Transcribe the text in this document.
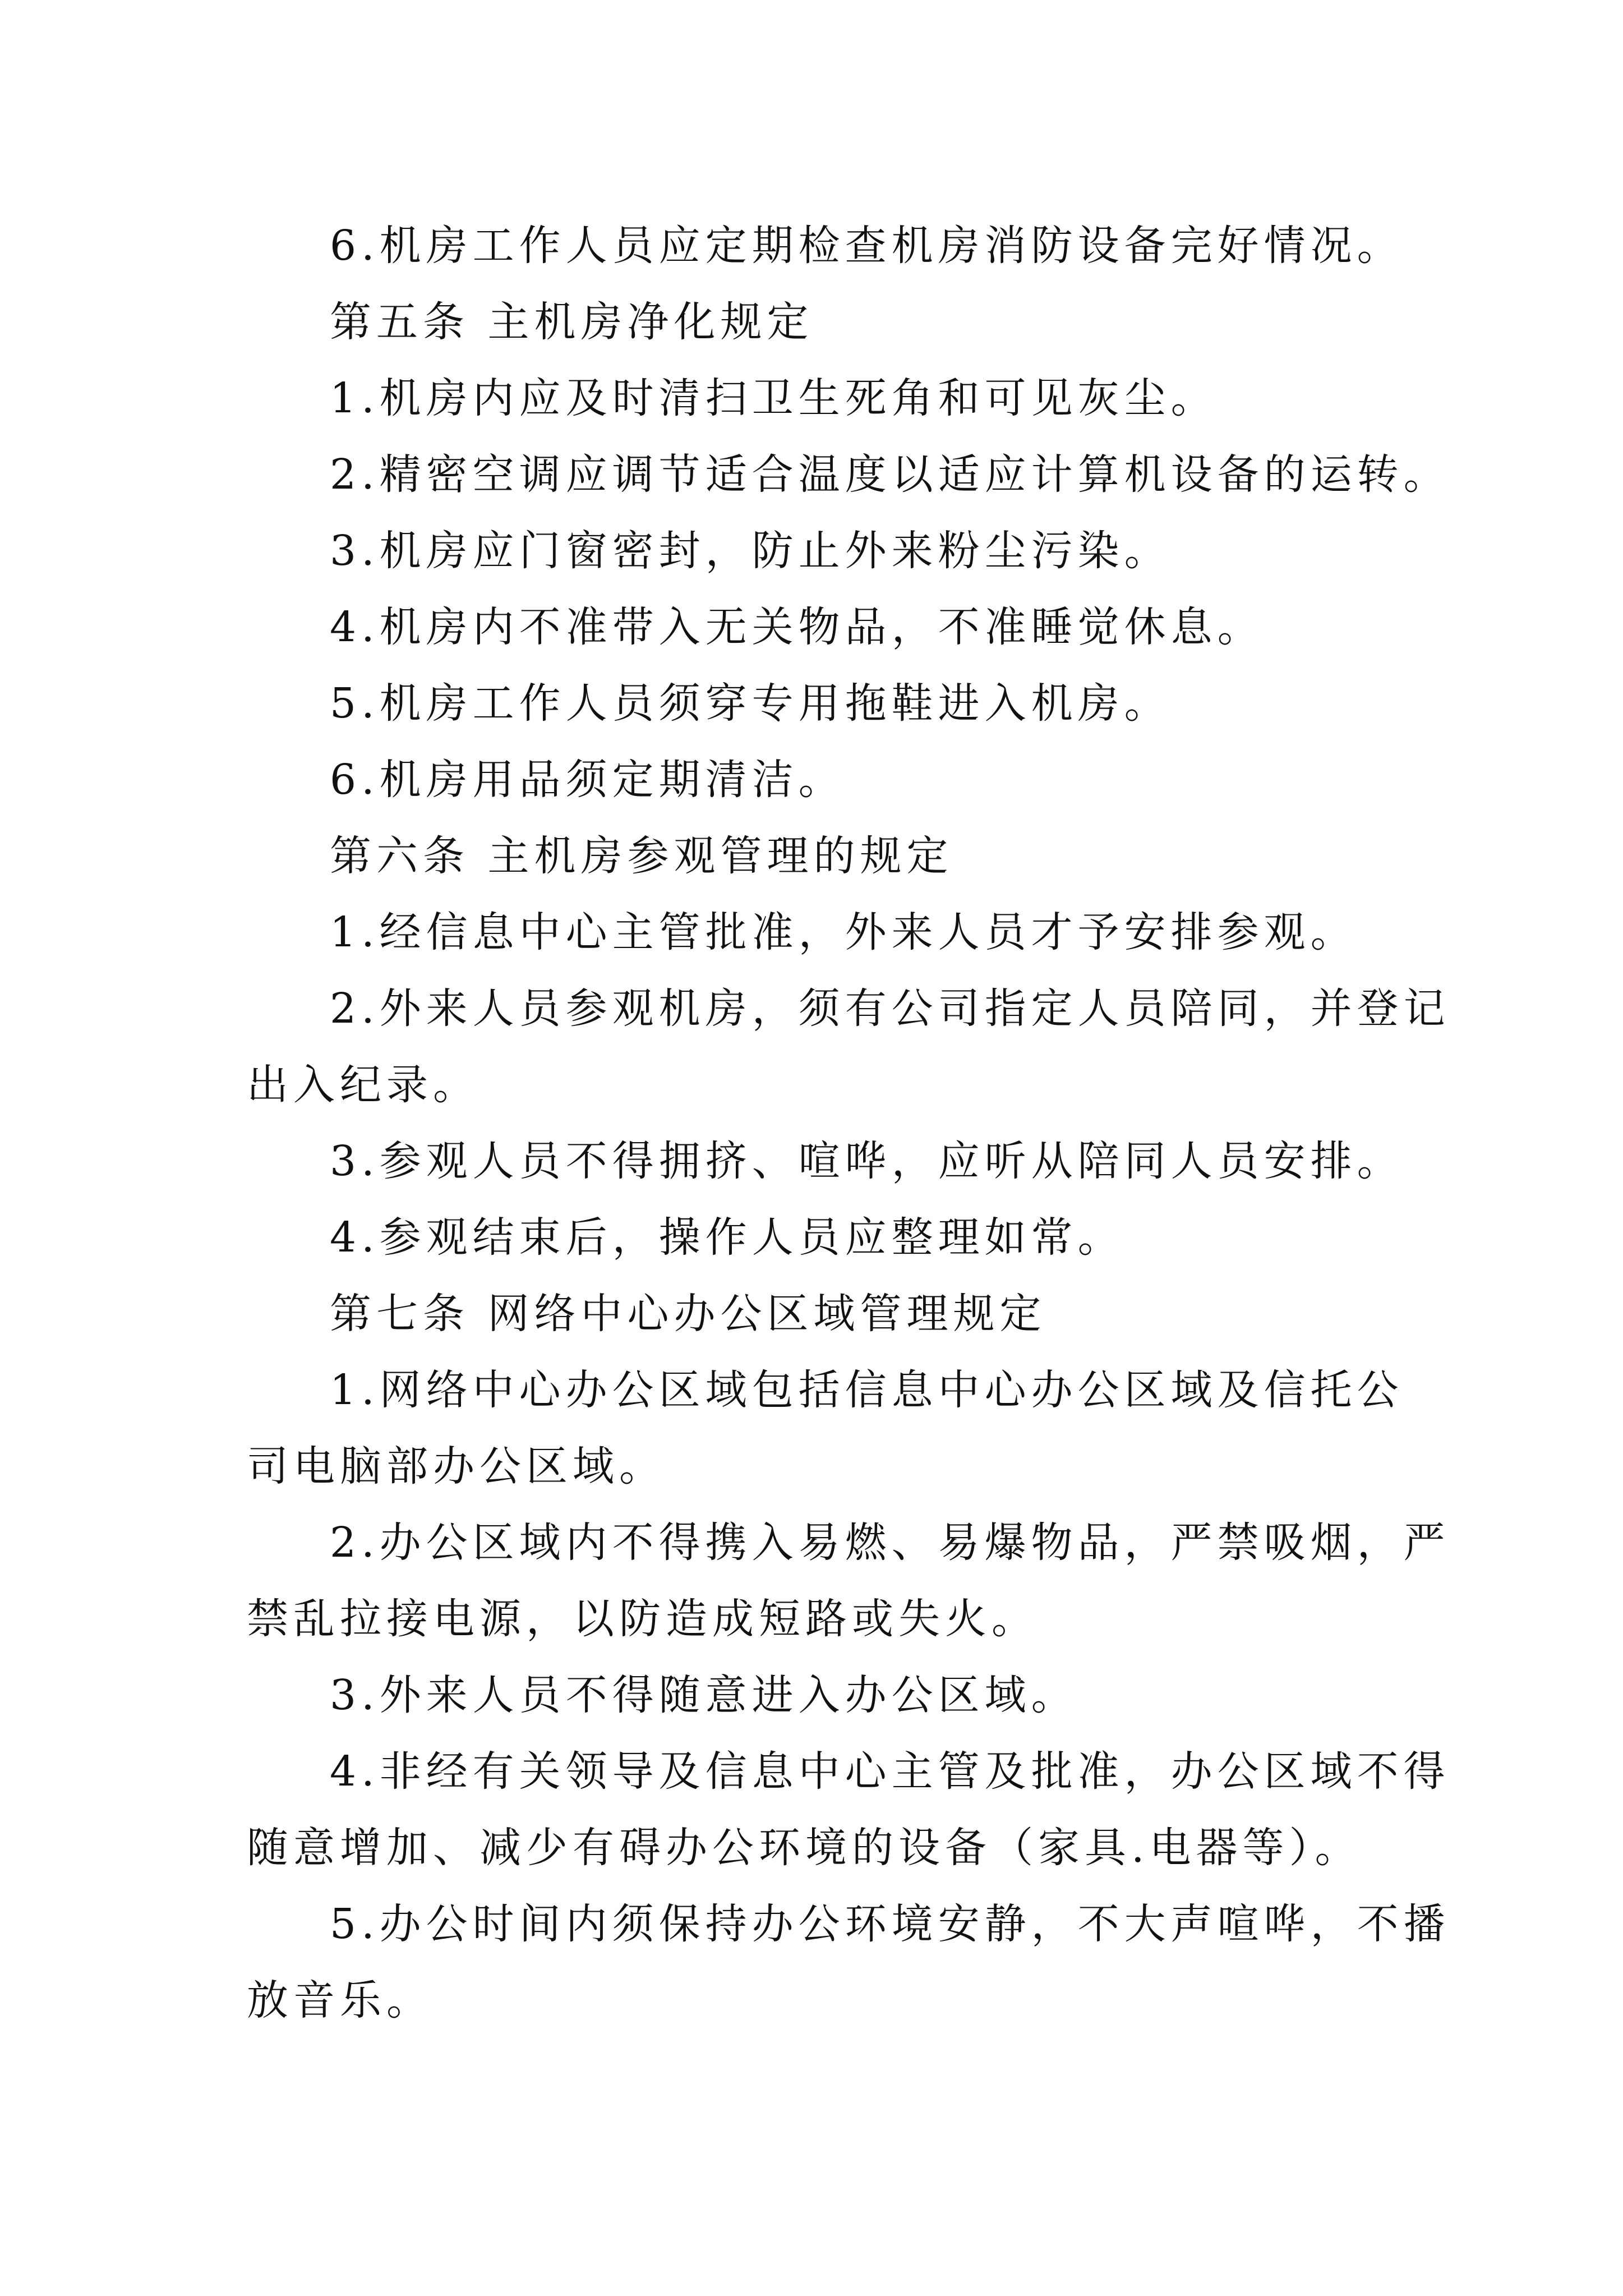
6.机房工作人员应定期检查机房消防设备完好情况。

第五条 主机房净化规定

1.机房内应及时清扫卫生死角和可见灰尘。

2.精密空调应调节适合温度以适应计算机设备的运转。

3.机房应门窗密封，防止外来粉尘污染。

4.机房内不准带入无关物品，不准睡觉休息。

5.机房工作人员须穿专用拖鞋进入机房。

6.机房用品须定期清洁。

第六条 主机房参观管理的规定

1.经信息中心主管批准，外来人员才予安排参观。

2.外来人员参观机房，须有公司指定人员陪同，并登记

出入纪录。

3.参观人员不得拥挤、喧哗，应听从陪同人员安排。

4.参观结束后，操作人员应整理如常。

第七条 网络中心办公区域管理规定

1.网络中心办公区域包括信息中心办公区域及信托公

司电脑部办公区域。

2.办公区域内不得携入易燃、易爆物品，严禁吸烟，严

禁乱拉接电源，以防造成短路或失火。

3.外来人员不得随意进入办公区域。

4.非经有关领导及信息中心主管及批准，办公区域不得

随意增加、减少有碍办公环境的设备（家具.电器等）。

5.办公时间内须保持办公环境安静，不大声喧哗，不播

放音乐。
